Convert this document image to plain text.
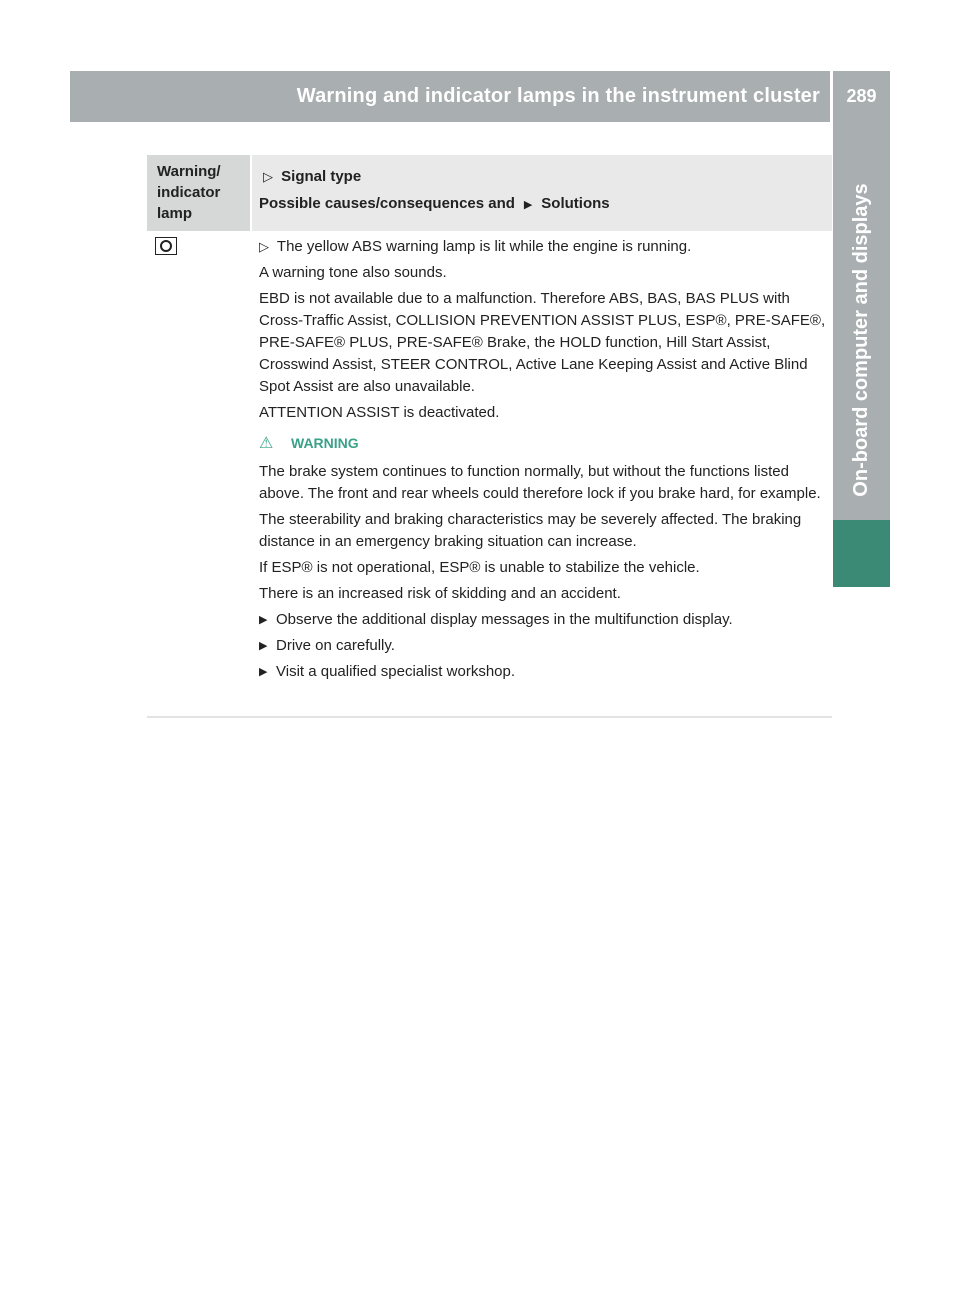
Warning and indicator lamps in the instrument cluster	289
On-board computer and displays
Warning/ indicator lamp
▷ Signal type
Possible causes/consequences and ▶ Solutions

▷ The yellow ABS warning lamp is lit while the engine is running.

A warning tone also sounds.

EBD is not available due to a malfunction. Therefore ABS, BAS, BAS PLUS with Cross-Traffic Assist, COLLISION PREVENTION ASSIST PLUS, ESP®, PRE-SAFE®, PRE-SAFE® PLUS, PRE-SAFE® Brake, the HOLD function, Hill Start Assist, Crosswind Assist, STEER CONTROL, Active Lane Keeping Assist and Active Blind Spot Assist are also unavailable.

ATTENTION ASSIST is deactivated.

⚠ WARNING

The brake system continues to function normally, but without the functions listed above. The front and rear wheels could therefore lock if you brake hard, for example.

The steerability and braking characteristics may be severely affected. The braking distance in an emergency braking situation can increase.

If ESP® is not operational, ESP® is unable to stabilize the vehicle.

There is an increased risk of skidding and an accident.

▶ Observe the additional display messages in the multifunction display.
▶ Drive on carefully.
▶ Visit a qualified specialist workshop.
